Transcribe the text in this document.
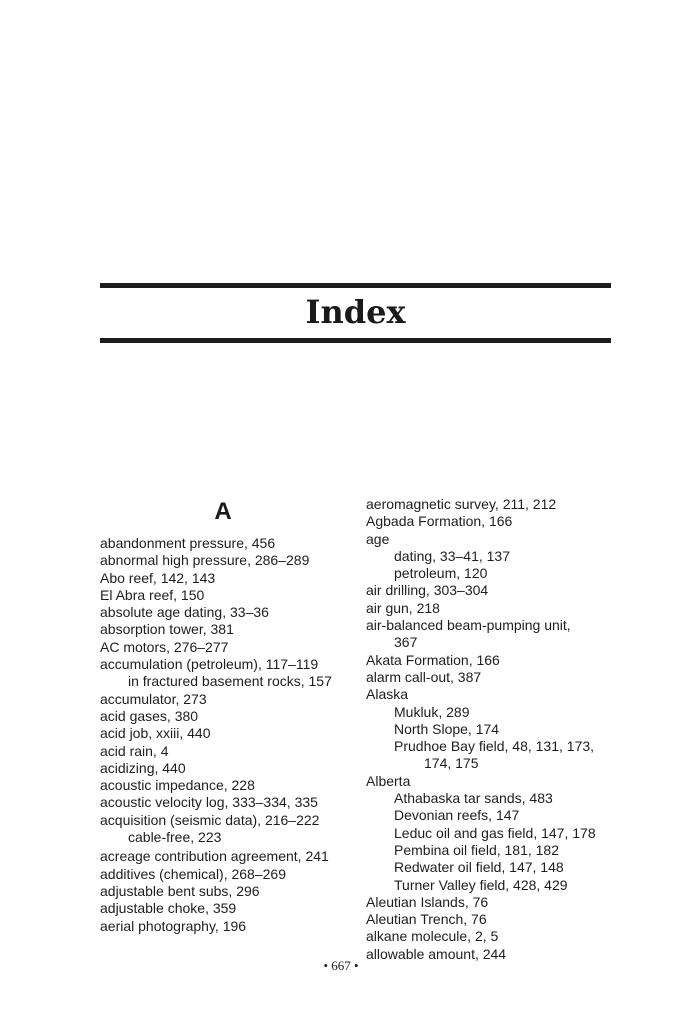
Index
A
abandonment pressure, 456
abnormal high pressure, 286–289
Abo reef, 142, 143
El Abra reef, 150
absolute age dating, 33–36
absorption tower, 381
AC motors, 276–277
accumulation (petroleum), 117–119
in fractured basement rocks, 157
accumulator, 273
acid gases, 380
acid job, xxiii, 440
acid rain, 4
acidizing, 440
acoustic impedance, 228
acoustic velocity log, 333–334, 335
acquisition (seismic data), 216–222
cable-free, 223
acreage contribution agreement, 241
additives (chemical), 268–269
adjustable bent subs, 296
adjustable choke, 359
aerial photography, 196
aeromagnetic survey, 211, 212
Agbada Formation, 166
age
dating, 33–41, 137
petroleum, 120
air drilling, 303–304
air gun, 218
air-balanced beam-pumping unit,
367
Akata Formation, 166
alarm call-out, 387
Alaska
Mukluk, 289
North Slope, 174
Prudhoe Bay field, 48, 131, 173,
174, 175
Alberta
Athabaska tar sands, 483
Devonian reefs, 147
Leduc oil and gas field, 147, 178
Pembina oil field, 181, 182
Redwater oil field, 147, 148
Turner Valley field, 428, 429
Aleutian Islands, 76
Aleutian Trench, 76
alkane molecule, 2, 5
allowable amount, 244
• 667 •
